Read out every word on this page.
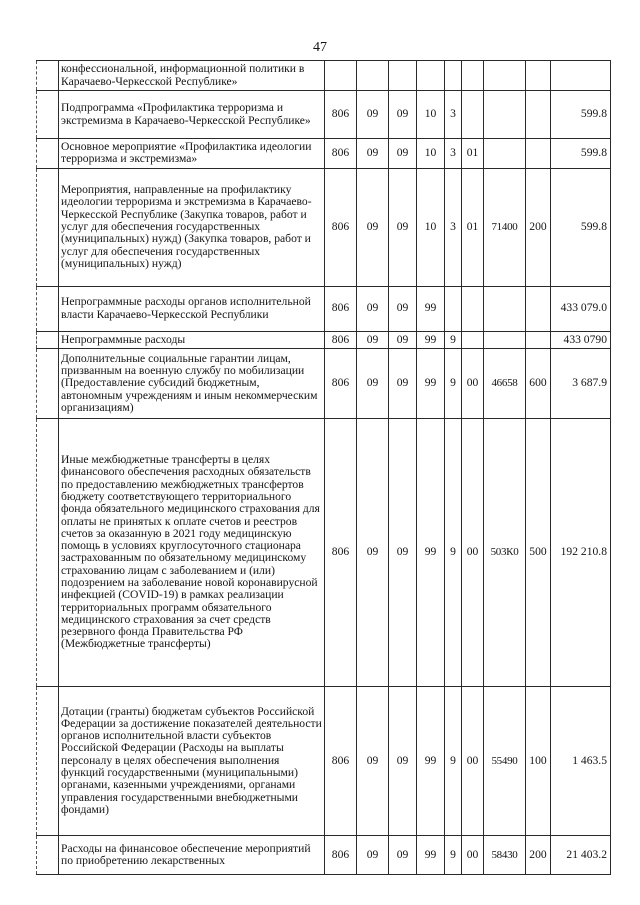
47
	конфессиональной, информационной политики в Карачаево-Черкесской Республике»									
	Подпрограмма «Профилактика терроризма и экстремизма в Карачаево-Черкесской Республике»	806	09	09	10	3				599.8
	Основное мероприятие «Профилактика идеологии терроризма и экстремизма»	806	09	09	10	3	01			599.8
	Мероприятия, направленные на профилактику идеологии терроризма и экстремизма в Карачаево-Черкесской Республике (Закупка товаров, работ и услуг для обеспечения государственных (муниципальных) нужд) (Закупка товаров, работ и услуг для обеспечения государственных (муниципальных) нужд)	806	09	09	10	3	01	71400	200	599.8
	Непрограммные расходы органов исполнительной власти Карачаево-Черкесской Республики	806	09	09	99					433 079.0
	Непрограммные расходы	806	09	09	99	9				433 0790
	Дополнительные социальные гарантии лицам, призванным на военную службу по мобилизации (Предоставление субсидий бюджетным, автономным учреждениям и иным некоммерческим организациям)	806	09	09	99	9	00	46658	600	3 687.9
	Иные межбюджетные трансферты в целях финансового обеспечения расходных обязательств по предоставлению межбюджетных трансфертов бюджету соответствующего территориального фонда обязательного медицинского страхования для оплаты не принятых к оплате счетов и реестров счетов за оказанную в 2021 году медицинскую помощь в условиях круглосуточного стационара застрахованным по обязательному медицинскому страхованию лицам с заболеванием и (или) подозрением на заболевание новой коронавирусной инфекцией (COVID-19) в рамках реализации территориальных программ обязательного медицинского страхования за счет средств резервного фонда Правительства РФ (Межбюджетные трансферты)	806	09	09	99	9	00	503К0	500	192 210.8
	Дотации (гранты) бюджетам субъектов Российской Федерации за достижение показателей деятельности органов исполнительной власти субъектов Российской Федерации (Расходы на выплаты персоналу в целях обеспечения выполнения функций государственными (муниципальными) органами, казенными учреждениями, органами управления государственными внебюджетными фондами)	806	09	09	99	9	00	55490	100	1 463.5
	Расходы на финансовое обеспечение мероприятий по приобретению лекарственных	806	09	09	99	9	00	58430	200	21 403.2
